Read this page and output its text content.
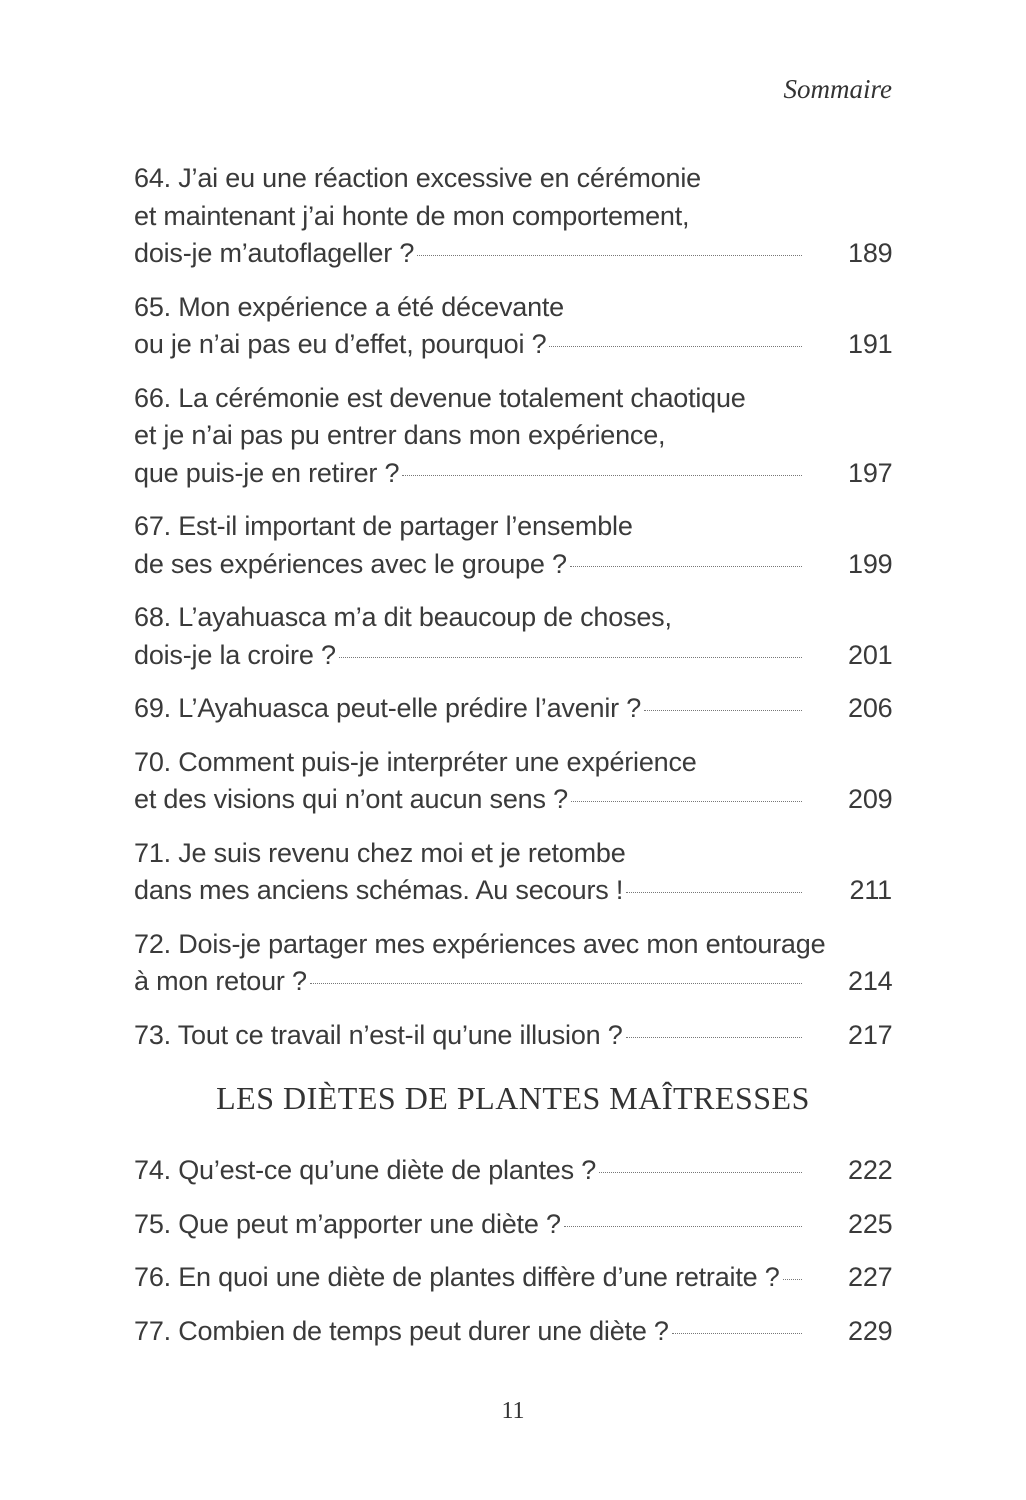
Sommaire
64. J’ai eu une réaction excessive en cérémonie
et maintenant j’ai honte de mon comportement,
dois-je m’autoflageller ?	189
65. Mon expérience a été décevante
ou je n’ai pas eu d’effet, pourquoi ?	191
66. La cérémonie est devenue totalement chaotique
et je n’ai pas pu entrer dans mon expérience,
que puis-je en retirer ?	197
67. Est-il important de partager l’ensemble
de ses expériences avec le groupe ?	199
68. L’ayahuasca m’a dit beaucoup de choses,
dois-je la croire ?	201
69. L’Ayahuasca peut-elle prédire l’avenir ?	206
70. Comment puis-je interpréter une expérience
et des visions qui n’ont aucun sens ?	209
71. Je suis revenu chez moi et je retombe
dans mes anciens schémas. Au secours !	211
72. Dois-je partager mes expériences avec mon entourage
à mon retour ?	214
73. Tout ce travail n’est-il qu’une illusion ?	217
LES DIÈTES DE PLANTES MAÎTRESSES
74. Qu’est-ce qu’une diète de plantes ?	222
75. Que peut m’apporter une diète ?	225
76. En quoi une diète de plantes diffère d’une retraite ?	227
77. Combien de temps peut durer une diète ?	229
11
